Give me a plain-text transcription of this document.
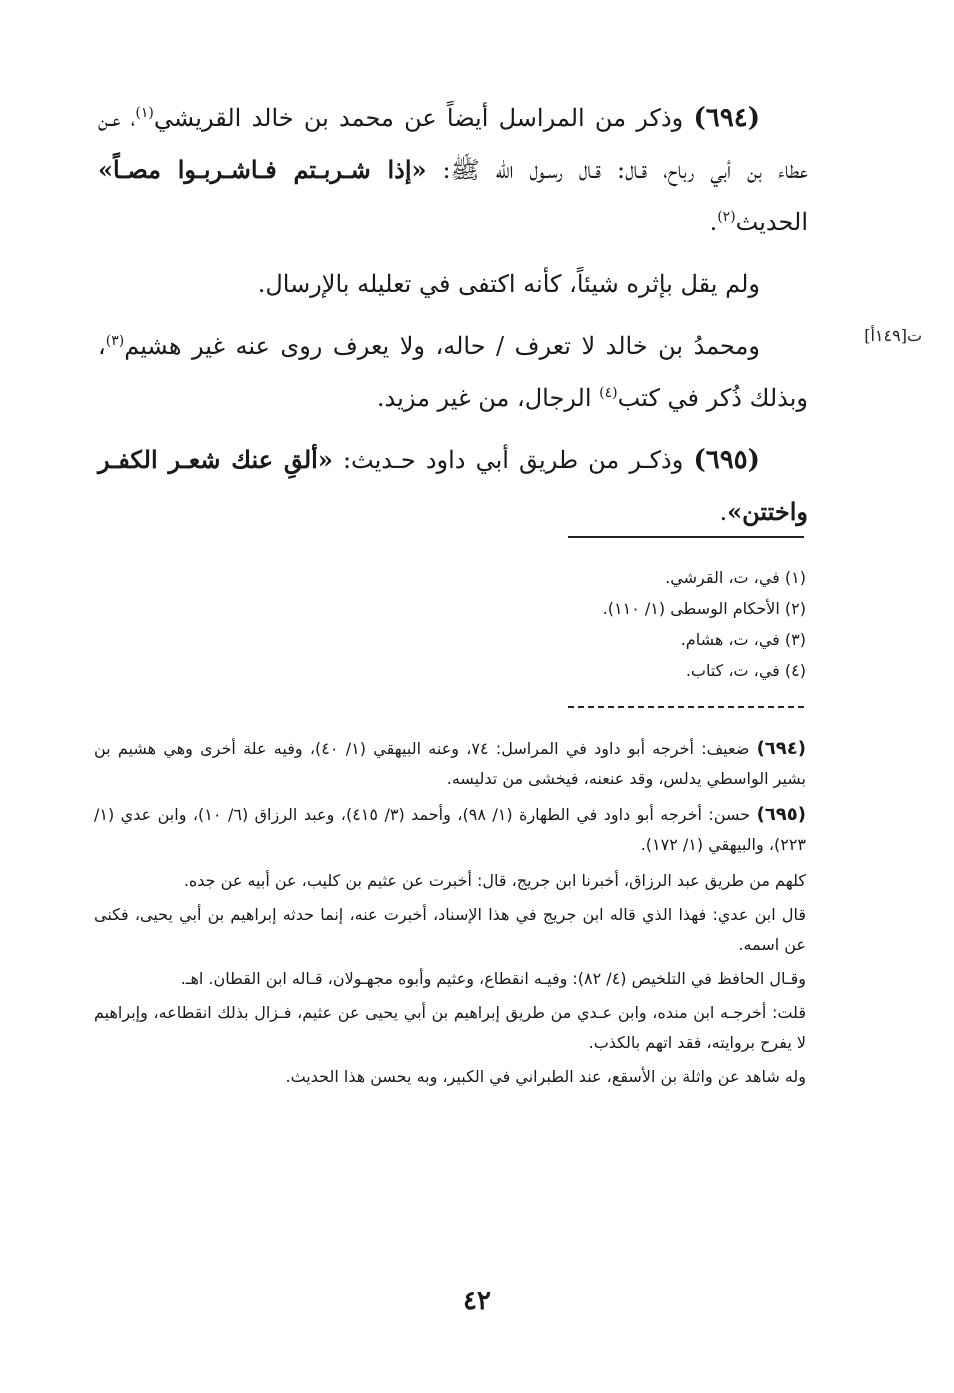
(٦٩٤) وذكر من المراسل أيضاً عن محمد بن خالد القريشي$^{(١)}$، عـن عطاء بن أبي رباح، قـال: قـال رسـول الله ﷺ: «إذا شـربـتم فـاشـربـوا مصـاً» الحديث$^{(٢)}$.

ولم يقل بإثره شيئاً، كأنه اكتفى في تعليله بالإرسال.

ومحمدُ بن خالد لا تعرف / حاله، ولا يعرف روى عنه غير هشيم$^{(٣)}$، وبذلك ذُكر في كتب$^{(٤)}$ الرجال، من غير مزيد.

(٦٩٥) وذكـر من طريق أبي داود حـديث: «ألقِ عنك شعـر الكفـر واختتن».

[١٤٩أ]ت
(١) في، ت، القرشي.
(٢) الأحكام الوسطى (١/ ١١٠).
(٣) في، ت، هشام.
(٤) في، ت، كتاب.
(٦٩٤) ضعيف: أخرجه أبو داود في المراسل: ٧٤، وعنه البيهقي (١/ ٤٠)، وفيه علة أخرى وهي هشيم بن بشير الواسطي يدلس، وقد عنعنه، فيخشى من تدليسه.
(٦٩٥) حسن: أخرجه أبو داود في الطهارة (١/ ٩٨)، وأحمد (٣/ ٤١٥)، وعبد الرزاق (٦/ ١٠)، وابن عدي (١/ ٢٢٣)، والبيهقي (١/ ١٧٢).
كلهم من طريق عبد الرزاق، أخبرنا ابن جريج، قال: أخبرت عن عثيم بن كليب، عن أبيه عن جده.
قال ابن عدي: فهذا الذي قاله ابن جريج في هذا الإسناد، أخبرت عنه، إنما حدثه إبراهيم بن أبي يحيى، فكنى عن اسمه.
وقـال الحافظ في التلخيص (٤/ ٨٢): وفيـه انقطاع، وعثيم وأبوه مجهـولان، قـاله ابن القطان. اهـ.
قلت: أخرجـه ابن منده، وابن عـدي من طريق إبراهيم بن أبي يحيى عن عثيم، فـزال بذلك انقطاعه، وإبراهيم لا يفرح بروايته، فقد اتهم بالكذب.
وله شاهد عن واثلة بن الأسقع، عند الطبراني في الكبير، وبه يحسن هذا الحديث.
٤٢
